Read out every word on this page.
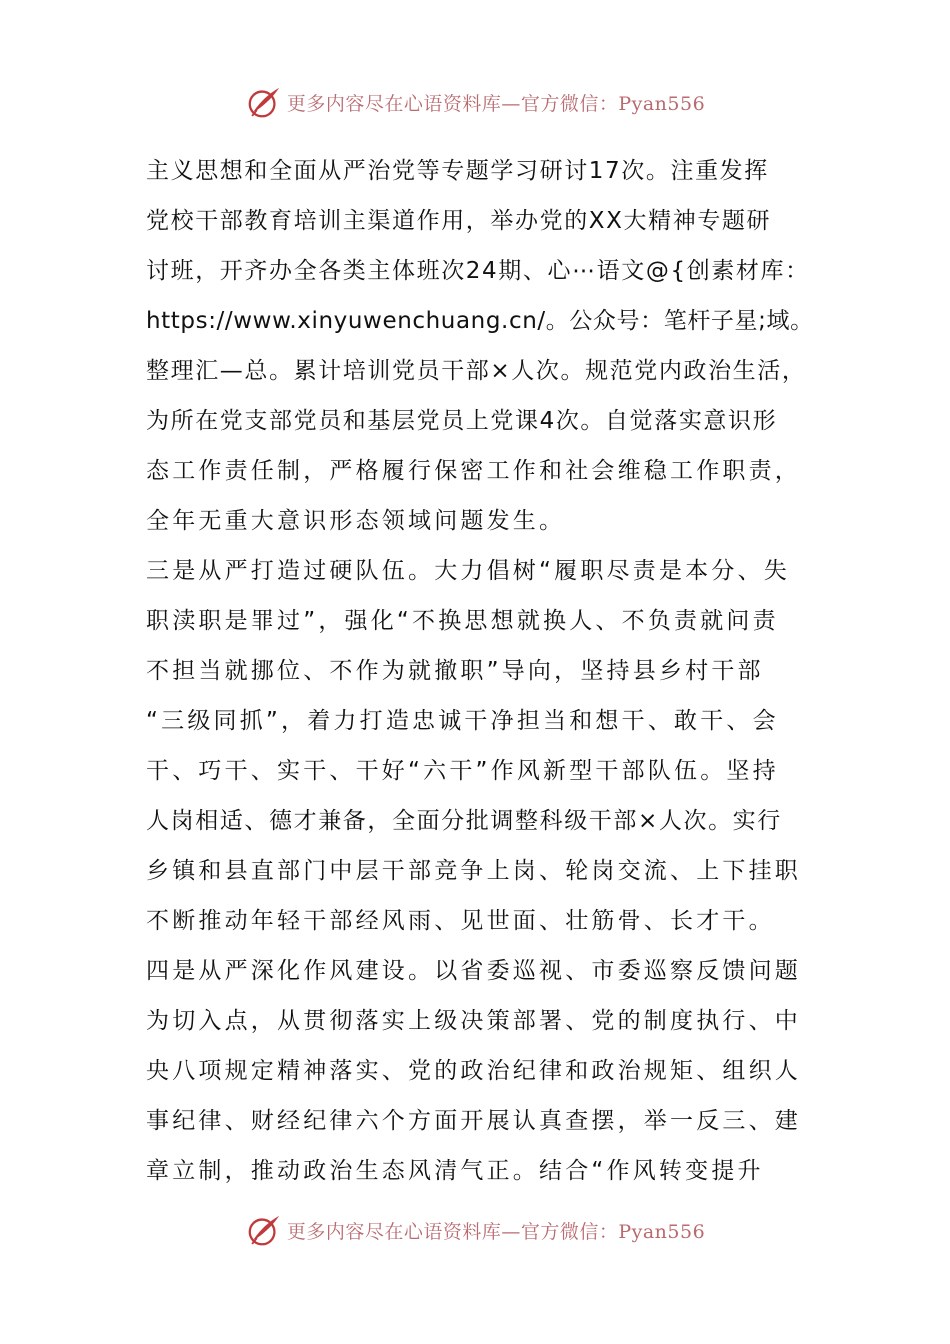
更多内容尽在心语资料库—官方微信：Pyan556
主义思想和全面从严治党等专题学习研讨17次。注重发挥
党校干部教育培训主渠道作用，举办党的XX大精神专题研
讨班，开齐办全各类主体班次24期、心⋯语文@{创素材库：
https://www.xinyuwenchuang.cn/。公众号：笔杆子星;域。
整理汇—总。累计培训党员干部×人次。规范党内政治生活，
为所在党支部党员和基层党员上党课4次。自觉落实意识形
态工作责任制，严格履行保密工作和社会维稳工作职责，
全年无重大意识形态领域问题发生。
三是从严打造过硬队伍。大力倡树“履职尽责是本分、失
职渎职是罪过”，强化“不换思想就换人、不负责就问责
不担当就挪位、不作为就撤职”导向，坚持县乡村干部
“三级同抓”，着力打造忠诚干净担当和想干、敢干、会
干、巧干、实干、干好“六干”作风新型干部队伍。坚持
人岗相适、德才兼备，全面分批调整科级干部×人次。实行
乡镇和县直部门中层干部竞争上岗、轮岗交流、上下挂职
不断推动年轻干部经风雨、见世面、壮筋骨、长才干。
四是从严深化作风建设。以省委巡视、市委巡察反馈问题
为切入点，从贯彻落实上级决策部署、党的制度执行、中
央八项规定精神落实、党的政治纪律和政治规矩、组织人
事纪律、财经纪律六个方面开展认真查摆，举一反三、建
章立制，推动政治生态风清气正。结合“作风转变提升
更多内容尽在心语资料库—官方微信：Pyan556
